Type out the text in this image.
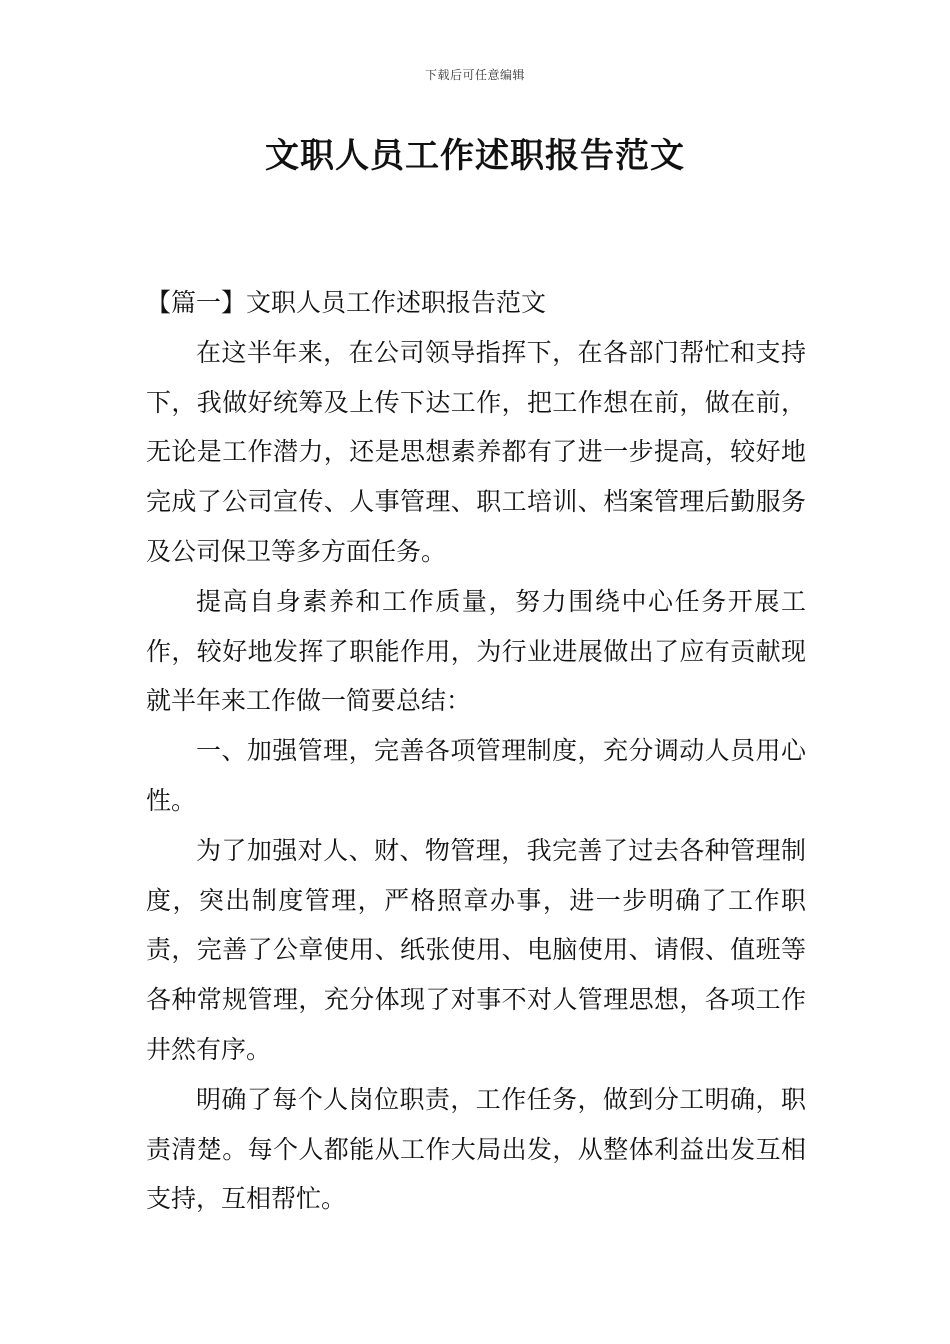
下载后可任意编辑
文职人员工作述职报告范文

【篇一】文职人员工作述职报告范文

在这半年来，在公司领导指挥下，在各部门帮忙和支持下，我做好统筹及上传下达工作，把工作想在前，做在前，无论是工作潜力，还是思想素养都有了进一步提高，较好地完成了公司宣传、人事管理、职工培训、档案管理后勤服务及公司保卫等多方面任务。

提高自身素养和工作质量，努力围绕中心任务开展工作，较好地发挥了职能作用，为行业进展做出了应有贡献现就半年来工作做一简要总结：

一、加强管理，完善各项管理制度，充分调动人员用心性。

为了加强对人、财、物管理，我完善了过去各种管理制度，突出制度管理，严格照章办事，进一步明确了工作职责，完善了公章使用、纸张使用、电脑使用、请假、值班等各种常规管理，充分体现了对事不对人管理思想，各项工作井然有序。

明确了每个人岗位职责，工作任务，做到分工明确，职责清楚。每个人都能从工作大局出发，从整体利益出发互相支持，互相帮忙。
